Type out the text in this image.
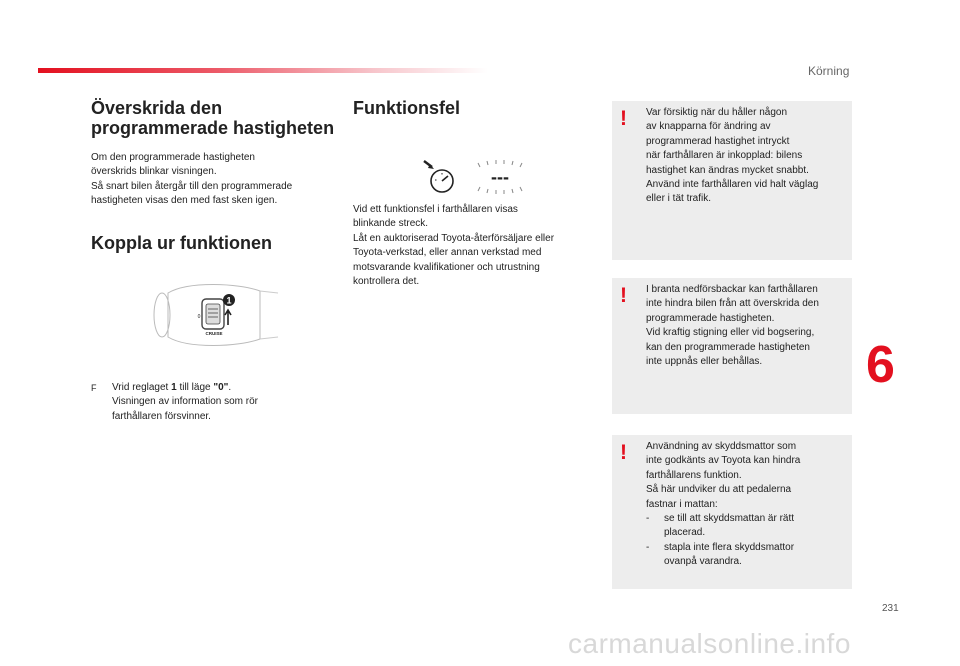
Körning
6
231
carmanualsonline.info
Överskrida den
programmerade hastigheten

Om den programmerade hastigheten
överskrids blinkar visningen.
Så snart bilen återgår till den programmerade
hastigheten visas den med fast sken igen.

Koppla ur funktionen
1
0
CRUISE
F Vrid reglaget 1 till läge "0".
Visningen av information som rör
farthållaren försvinner.
Funktionsfel
---

Vid ett funktionsfel i farthållaren visas
blinkande streck.
Låt en auktoriserad Toyota-återförsäljare eller
Toyota-verkstad, eller annan verkstad med
motsvarande kvalifikationer och utrustning
kontrollera det.

! Var försiktig när du håller någon
av knapparna för ändring av
programmerad hastighet intryckt
när farthållaren är inkopplad: bilens
hastighet kan ändras mycket snabbt.
Använd inte farthållaren vid halt väglag
eller i tät trafik.

! I branta nedförsbackar kan farthållaren
inte hindra bilen från att överskrida den
programmerade hastigheten.
Vid kraftig stigning eller vid bogsering,
kan den programmerade hastigheten
inte uppnås eller behållas.

! Användning av skyddsmattor som
inte godkänts av Toyota kan hindra
farthållarens funktion.
Så här undviker du att pedalerna
fastnar i mattan:
- se till att skyddsmattan är rätt
placerad.
- stapla inte flera skyddsmattor
ovanpå varandra.
